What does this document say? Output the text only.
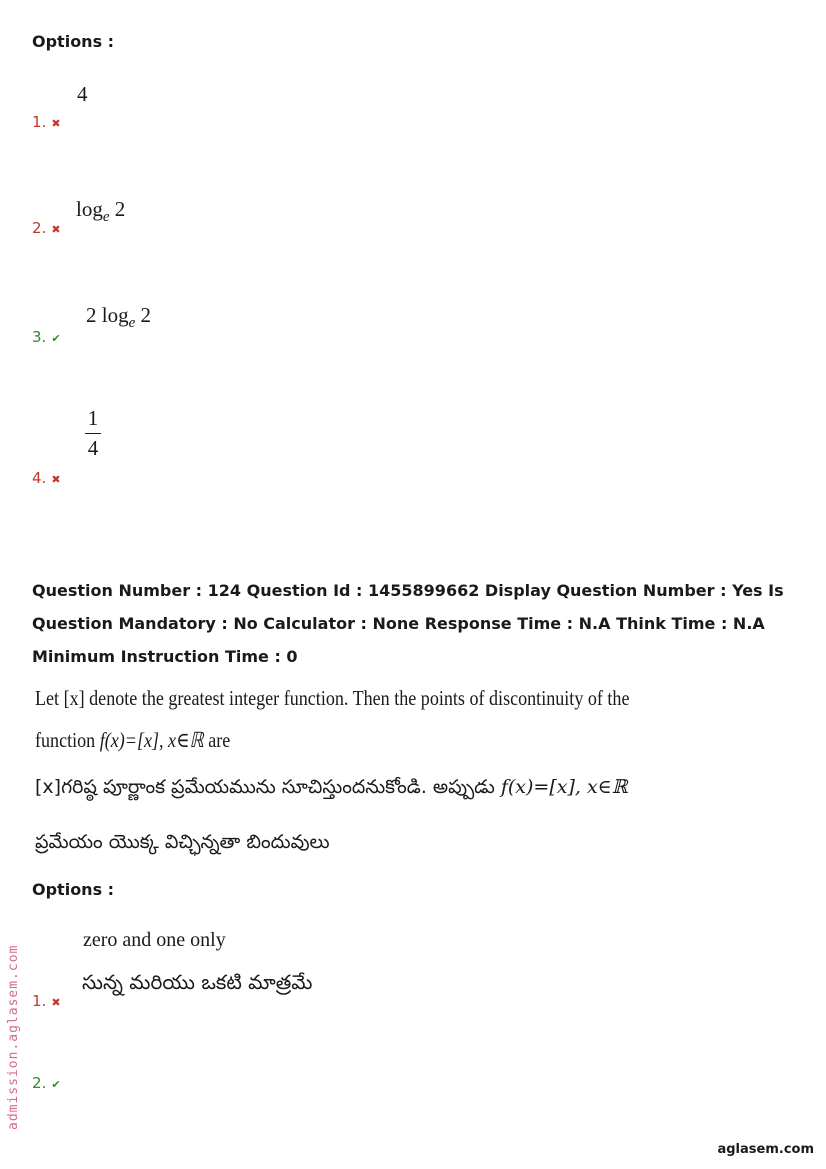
Options :
4
1. ✖
$\log_e 2$
2. ✖
2 $\log_e 2$
3. ✔
$\frac{1}{4}$
4. ✖
Question Number : 124 Question Id : 1455899662 Display Question Number : Yes Is Question Mandatory : No Calculator : None Response Time : N.A Think Time : N.A Minimum Instruction Time : 0
Let [x] denote the greatest integer function. Then the points of discontinuity of the
function f(x)=[x], x∈ℝ are
[x]గరిష్ఠ పూర్ణాంక ప్రమేయమును సూచిస్తుందనుకోండి. అప్పుడు f(x)=[x], x∈ℝ
ప్రమేయం యొక్క విచ్ఛిన్నతా బిందువులు
Options :
zero and one only
సున్న మరియు ఒకటి మాత్రమే
1. ✖
2. ✔
admission.aglasem.com
aglasem.com
